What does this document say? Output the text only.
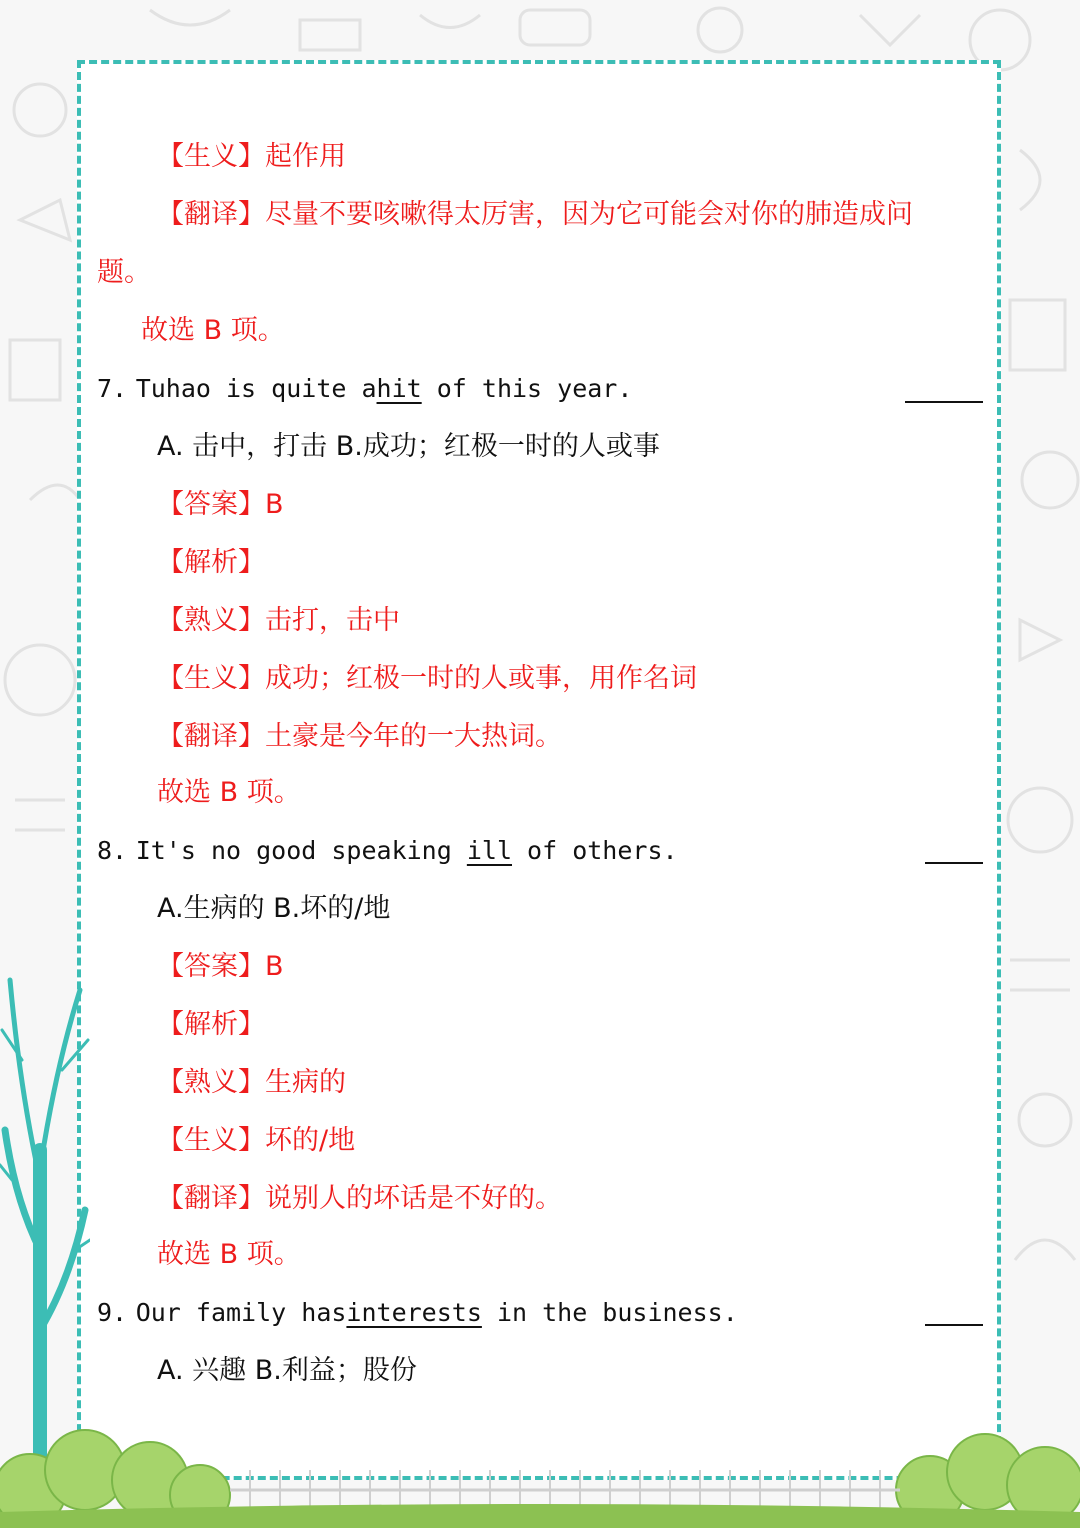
【生义】起作用
【翻译】尽量不要咳嗽得太厉害，因为它可能会对你的肺造成问
题。
故选 B 项。
7. Tuhao is quite ahit of this year.
A. 击中，打击 B.成功；红极一时的人或事
【答案】B
【解析】
【熟义】击打，击中
【生义】成功；红极一时的人或事，用作名词
【翻译】土豪是今年的一大热词。
故选 B 项。
8. It's no good speaking ill of others.
A.生病的 B.坏的/地
【答案】B
【解析】
【熟义】生病的
【生义】坏的/地
【翻译】说别人的坏话是不好的。
故选 B 项。
9. Our family hasinterests in the business.
A. 兴趣 B.利益；股份
